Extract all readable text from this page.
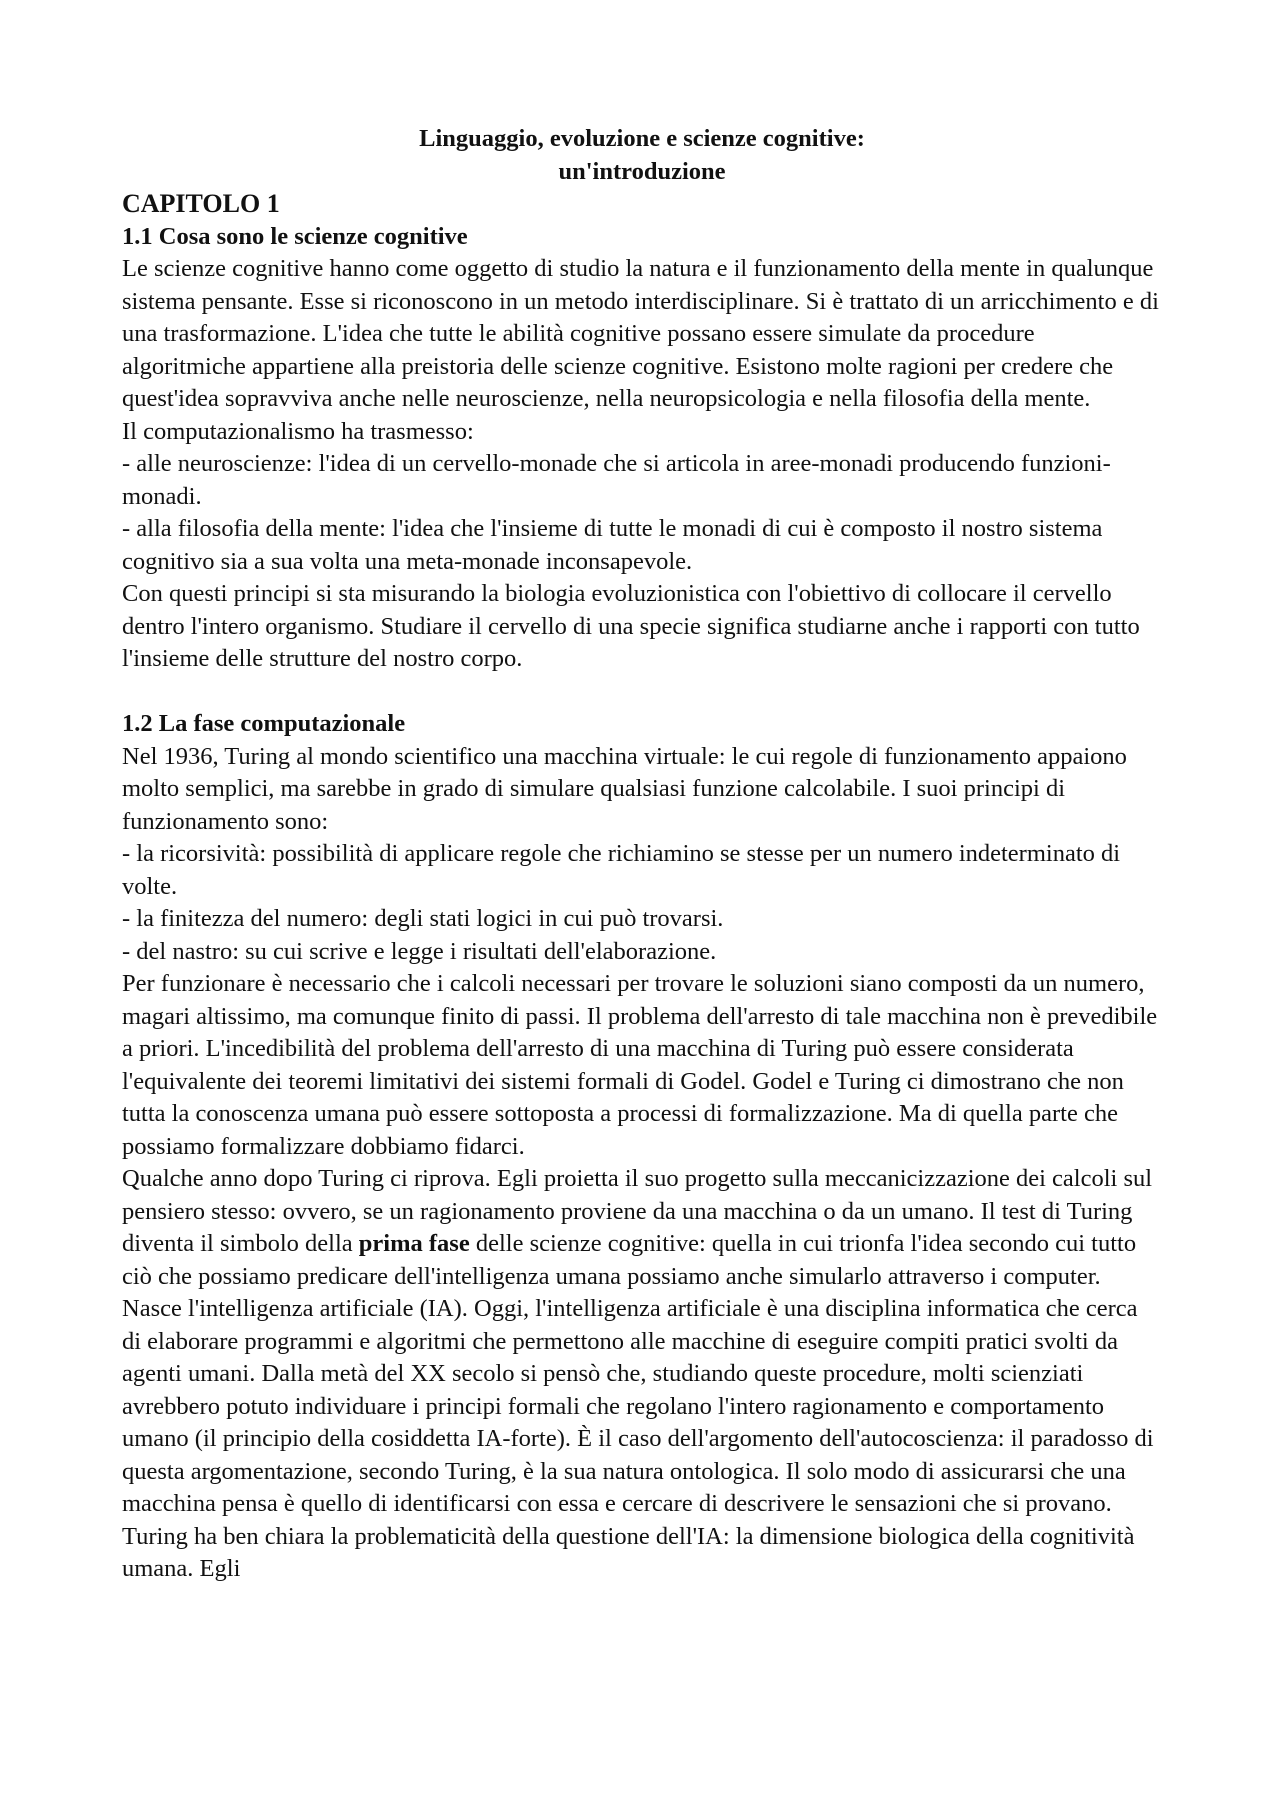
Linguaggio, evoluzione e scienze cognitive:
un'introduzione
CAPITOLO 1
1.1 Cosa sono le scienze cognitive

Le scienze cognitive hanno come oggetto di studio la natura e il funzionamento della mente in qualunque sistema pensante. Esse si riconoscono in un metodo interdisciplinare. Si è trattato di un arricchimento e di una trasformazione. L'idea che tutte le abilità cognitive possano essere simulate da procedure algoritmiche appartiene alla preistoria delle scienze cognitive. Esistono molte ragioni per credere che quest'idea sopravviva anche nelle neuroscienze, nella neuropsicologia e nella filosofia della mente.

Il computazionalismo ha trasmesso:

- alle neuroscienze: l'idea di un cervello-monade che si articola in aree-monadi producendo funzioni-monadi.

- alla filosofia della mente: l'idea che l'insieme di tutte le monadi di cui è composto il nostro sistema cognitivo sia a sua volta una meta-monade inconsapevole.

Con questi principi si sta misurando la biologia evoluzionistica con l'obiettivo di collocare il cervello dentro l'intero organismo. Studiare il cervello di una specie significa studiarne anche i rapporti con tutto l'insieme delle strutture del nostro corpo.

1.2 La fase computazionale

Nel 1936, Turing al mondo scientifico una macchina virtuale: le cui regole di funzionamento appaiono molto semplici, ma sarebbe in grado di simulare qualsiasi funzione calcolabile. I suoi principi di funzionamento sono:

- la ricorsività: possibilità di applicare regole che richiamino se stesse per un numero indeterminato di volte.

- la finitezza del numero: degli stati logici in cui può trovarsi.

- del nastro: su cui scrive e legge i risultati dell'elaborazione.

Per funzionare è necessario che i calcoli necessari per trovare le soluzioni siano composti da un numero, magari altissimo, ma comunque finito di passi. Il problema dell'arresto di tale macchina non è prevedibile a priori. L'incedibilità del problema dell'arresto di una macchina di Turing può essere considerata l'equivalente dei teoremi limitativi dei sistemi formali di Godel. Godel e Turing ci dimostrano che non tutta la conoscenza umana può essere sottoposta a processi di formalizzazione. Ma di quella parte che possiamo formalizzare dobbiamo fidarci.

Qualche anno dopo Turing ci riprova. Egli proietta il suo progetto sulla meccanicizzazione dei calcoli sul pensiero stesso: ovvero, se un ragionamento proviene da una macchina o da un umano. Il test di Turing diventa il simbolo della prima fase delle scienze cognitive: quella in cui trionfa l'idea secondo cui tutto ciò che possiamo predicare dell'intelligenza umana possiamo anche simularlo attraverso i computer. Nasce l'intelligenza artificiale (IA). Oggi, l'intelligenza artificiale è una disciplina informatica che cerca di elaborare programmi e algoritmi che permettono alle macchine di eseguire compiti pratici svolti da agenti umani. Dalla metà del XX secolo si pensò che, studiando queste procedure, molti scienziati avrebbero potuto individuare i principi formali che regolano l'intero ragionamento e comportamento umano (il principio della cosiddetta IA-forte). È il caso dell'argomento dell'autocoscienza: il paradosso di questa argomentazione, secondo Turing, è la sua natura ontologica. Il solo modo di assicurarsi che una macchina pensa è quello di identificarsi con essa e cercare di descrivere le sensazioni che si provano. Turing ha ben chiara la problematicità della questione dell'IA: la dimensione biologica della cognitività umana. Egli
